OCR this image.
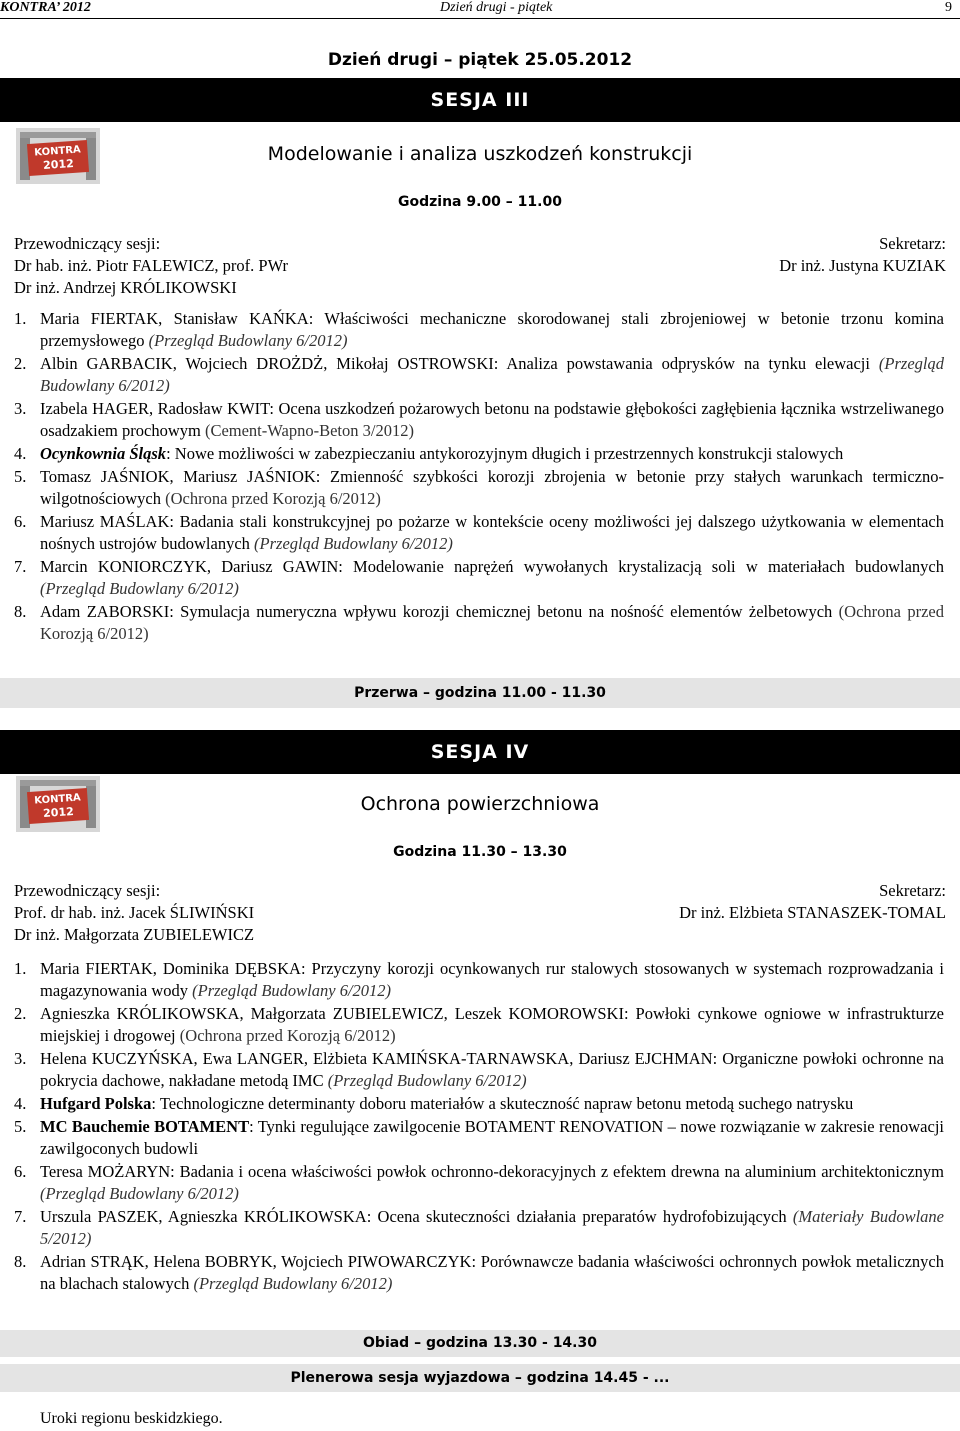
KONTRA’ 2012	Dzień drugi - piątek	9
Dzień drugi – piątek 25.05.2012
SESJA III
KONTRA
2012	Modelowanie i analiza uszkodzeń konstrukcji
Godzina 9.00 – 11.00
Przewodniczący sesji:
Dr hab. inż. Piotr FALEWICZ, prof. PWr
Dr inż. Andrzej KRÓLIKOWSKI
Sekretarz:
Dr inż. Justyna KUZIAK
1. Maria FIERTAK, Stanisław KAŃKA: Właściwości mechaniczne skorodowanej stali zbrojeniowej w betonie trzonu komina przemysłowego (Przegląd Budowlany 6/2012)
2. Albin GARBACIK, Wojciech DROŻDŻ, Mikołaj OSTROWSKI: Analiza powstawania odprysków na tynku elewacji (Przegląd Budowlany 6/2012)
3. Izabela HAGER, Radosław KWIT: Ocena uszkodzeń pożarowych betonu na podstawie głębokości zagłębienia łącznika wstrzeliwanego osadzakiem prochowym (Cement-Wapno-Beton 3/2012)
4. Ocynkownia Śląsk: Nowe możliwości w zabezpieczaniu antykorozyjnym długich i przestrzennych konstrukcji stalowych
5. Tomasz JAŚNIOK, Mariusz JAŚNIOK: Zmienność szybkości korozji zbrojenia w betonie przy stałych warunkach termiczno-wilgotnościowych (Ochrona przed Korozją 6/2012)
6. Mariusz MAŚLAK: Badania stali konstrukcyjnej po pożarze w kontekście oceny możliwości jej dalszego użytkowania w elementach nośnych ustrojów budowlanych (Przegląd Budowlany 6/2012)
7. Marcin KONIORCZYK, Dariusz GAWIN: Modelowanie naprężeń wywołanych krystalizacją soli w materiałach budowlanych (Przegląd Budowlany 6/2012)
8. Adam ZABORSKI: Symulacja numeryczna wpływu korozji chemicznej betonu na nośność elementów żelbetowych (Ochrona przed Korozją 6/2012)
Przerwa – godzina 11.00 - 11.30
SESJA IV
KONTRA
2012	Ochrona powierzchniowa
Godzina 11.30 – 13.30
Przewodniczący sesji:
Prof. dr hab. inż. Jacek ŚLIWIŃSKI
Dr inż. Małgorzata ZUBIELEWICZ
Sekretarz:
Dr inż. Elżbieta STANASZEK-TOMAL
1. Maria FIERTAK, Dominika DĘBSKA: Przyczyny korozji ocynkowanych rur stalowych stosowanych w systemach rozprowadzania i magazynowania wody (Przegląd Budowlany 6/2012)
2. Agnieszka KRÓLIKOWSKA, Małgorzata ZUBIELEWICZ, Leszek KOMOROWSKI: Powłoki cynkowe ogniowe w infrastrukturze miejskiej i drogowej (Ochrona przed Korozją 6/2012)
3. Helena KUCZYŃSKA, Ewa LANGER, Elżbieta KAMIŃSKA-TARNAWSKA, Dariusz EJCHMAN: Organiczne powłoki ochronne na pokrycia dachowe, nakładane metodą IMC (Przegląd Budowlany 6/2012)
4. Hufgard Polska: Technologiczne determinanty doboru materiałów a skuteczność napraw betonu metodą suchego natrysku
5. MC Bauchemie BOTAMENT: Tynki regulujące zawilgocenie BOTAMENT RENOVATION – nowe rozwiązanie w zakresie renowacji zawilgoconych budowli
6. Teresa MOŻARYN: Badania i ocena właściwości powłok ochronno-dekoracyjnych z efektem drewna na aluminium architektonicznym (Przegląd Budowlany 6/2012)
7. Urszula PASZEK, Agnieszka KRÓLIKOWSKA: Ocena skuteczności działania preparatów hydrofobizujących (Materiały Budowlane 5/2012)
8. Adrian STRĄK, Helena BOBRYK, Wojciech PIWOWARCZYK: Porównawcze badania właściwości ochronnych powłok metalicznych na blachach stalowych (Przegląd Budowlany 6/2012)
Obiad – godzina 13.30 - 14.30
Plenerowa sesja wyjazdowa – godzina 14.45 - ...
Uroki regionu beskidzkiego.
